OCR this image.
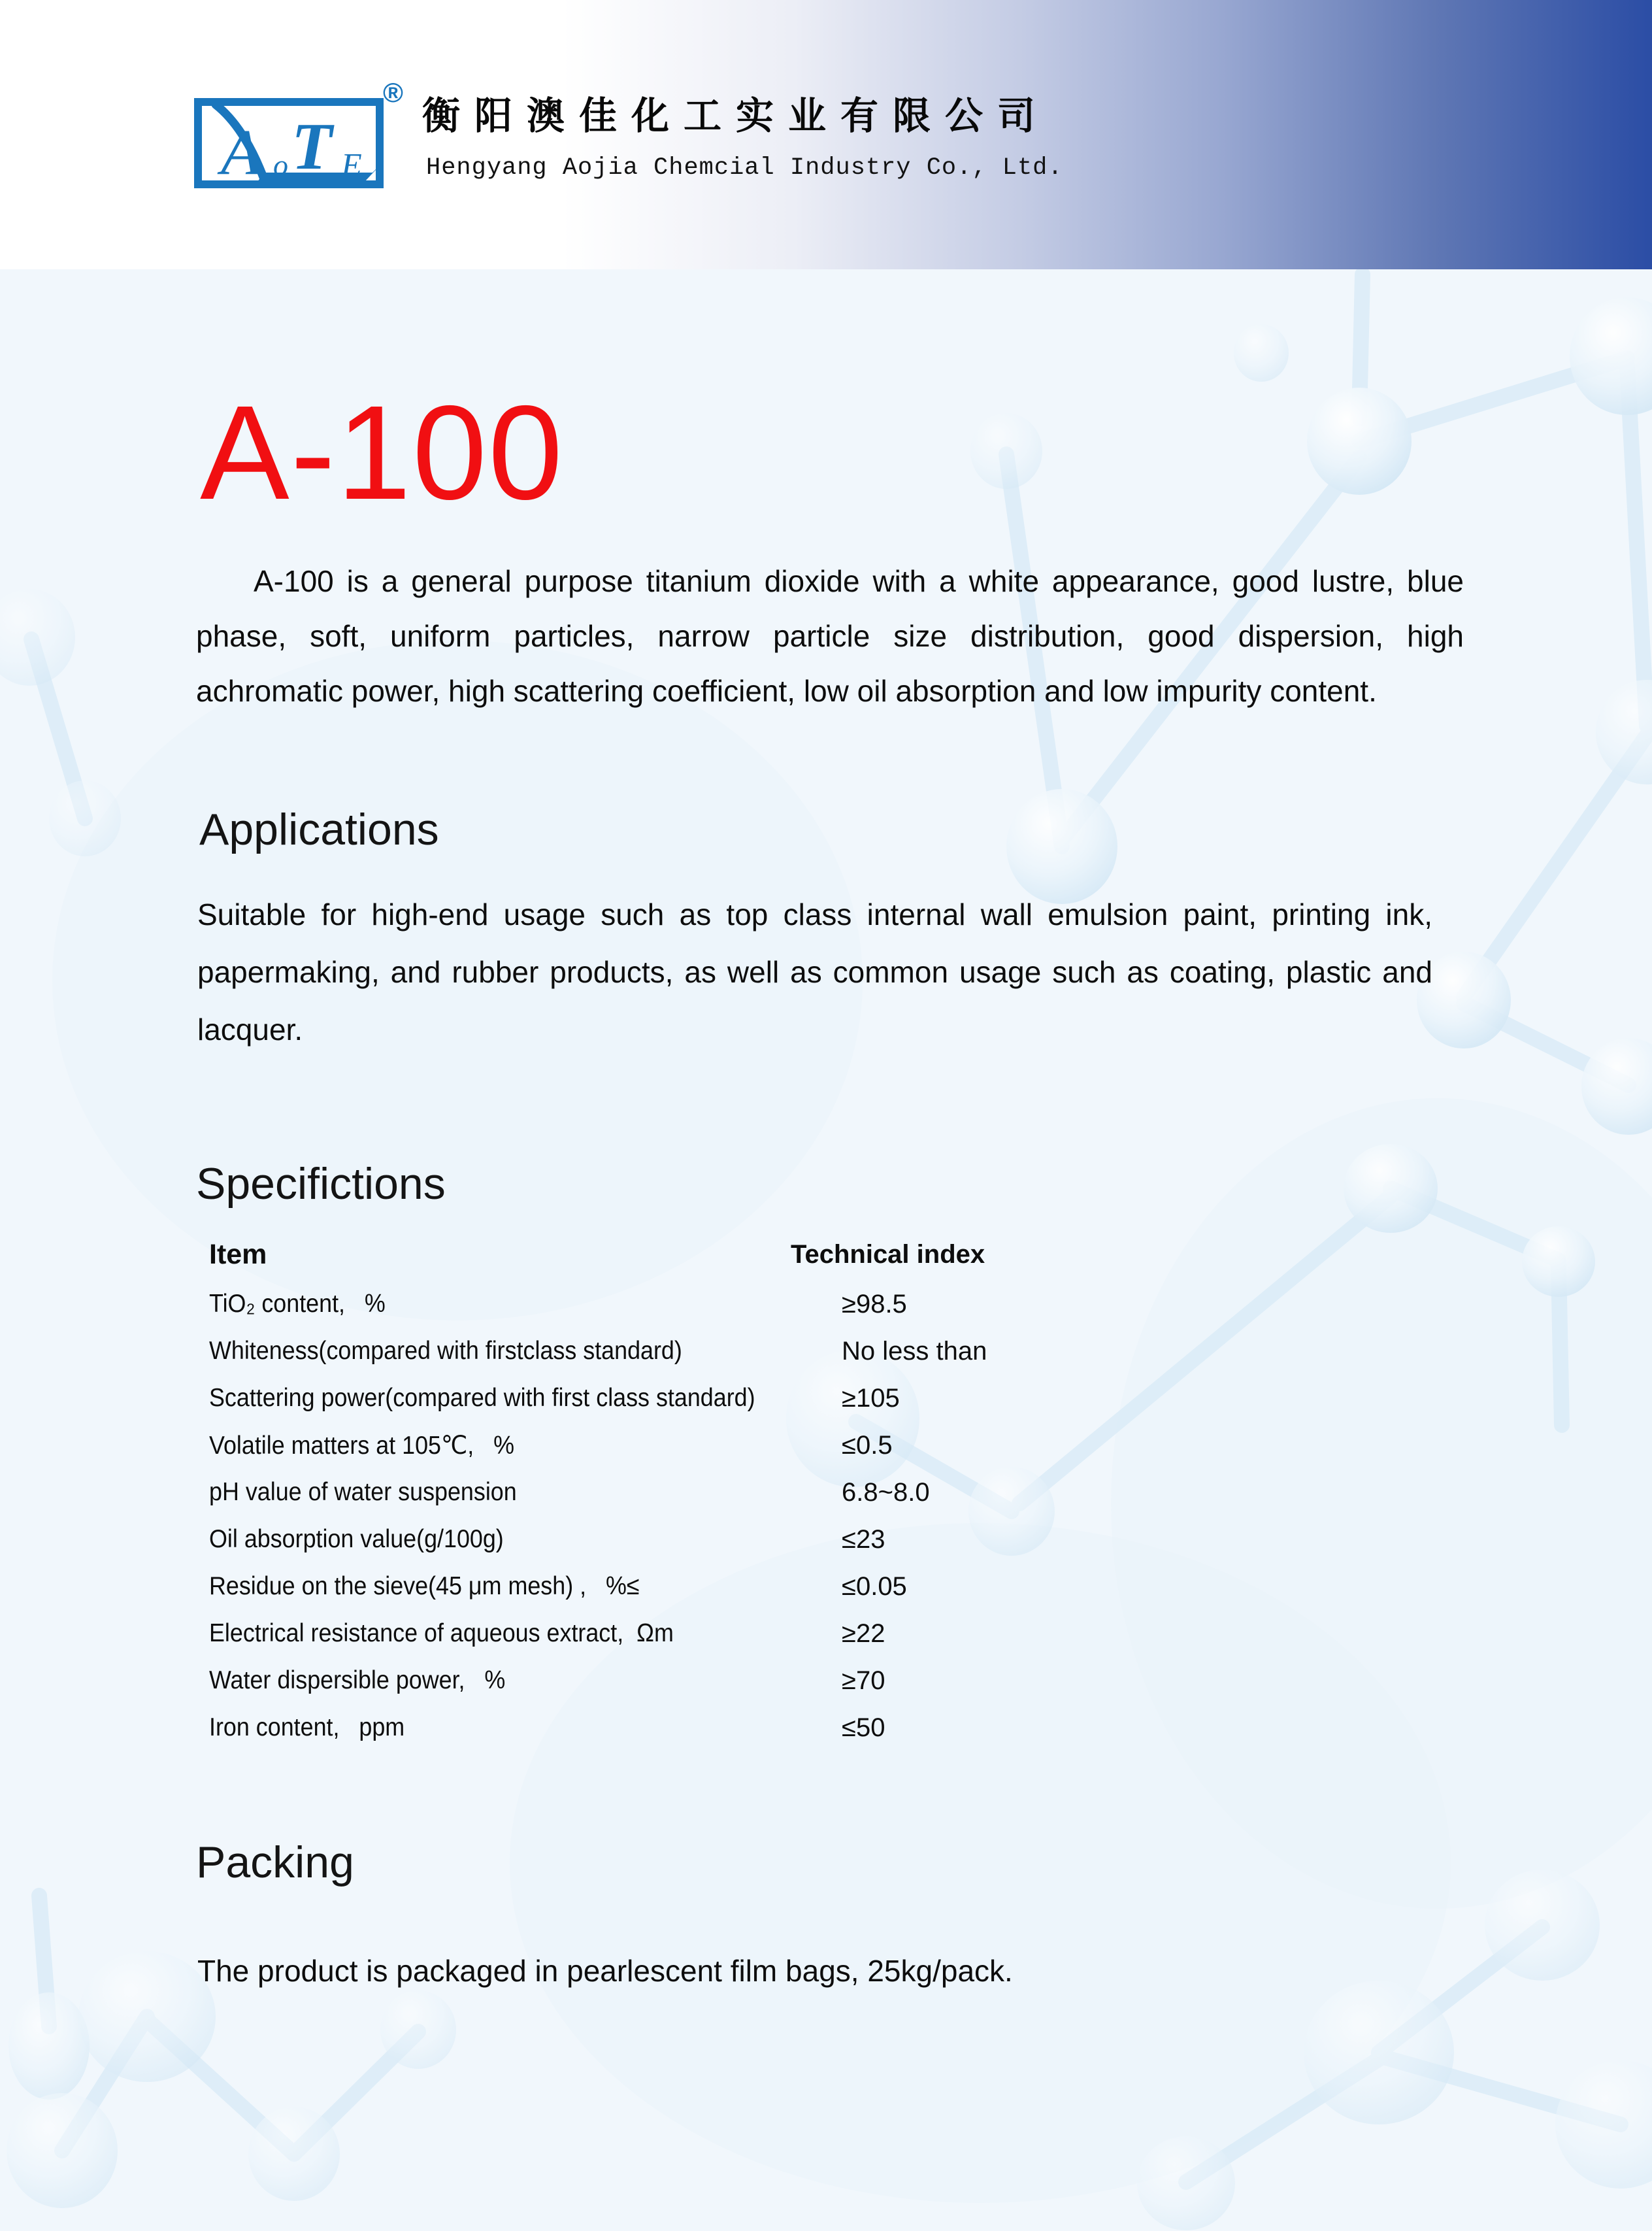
A o T E
®
衡阳澳佳化工实业有限公司
Hengyang Aojia Chemcial Industry Co., Ltd.
A-100

A-100 is a general purpose titanium dioxide with a white appearance, good lustre, blue phase, soft, uniform particles, narrow particle size distribution, good dispersion, high achromatic power, high scattering coefficient, low oil absorption and low impurity content.

Applications

Suitable for high-end usage such as top class internal wall emulsion paint, printing ink, papermaking, and rubber products, as well as common usage such as coating, plastic and lacquer.

Specifictions
Item	Technical index
TiO₂ content,   %	≥98.5
Whiteness(compared with firstclass standard)	No less than
Scattering power(compared with first class standard)	≥105
Volatile matters at 105℃,   %	≤0.5
pH value of water suspension	6.8~8.0
Oil absorption value(g/100g)	≤23
Residue on the sieve(45 μm mesh) ,   %≤	≤0.05
Electrical resistance of aqueous extract,  Ωm	≥22
Water dispersible power,   %	≥70
Iron content,   ppm	≤50
Packing

The product is packaged in pearlescent film bags, 25kg/pack.
